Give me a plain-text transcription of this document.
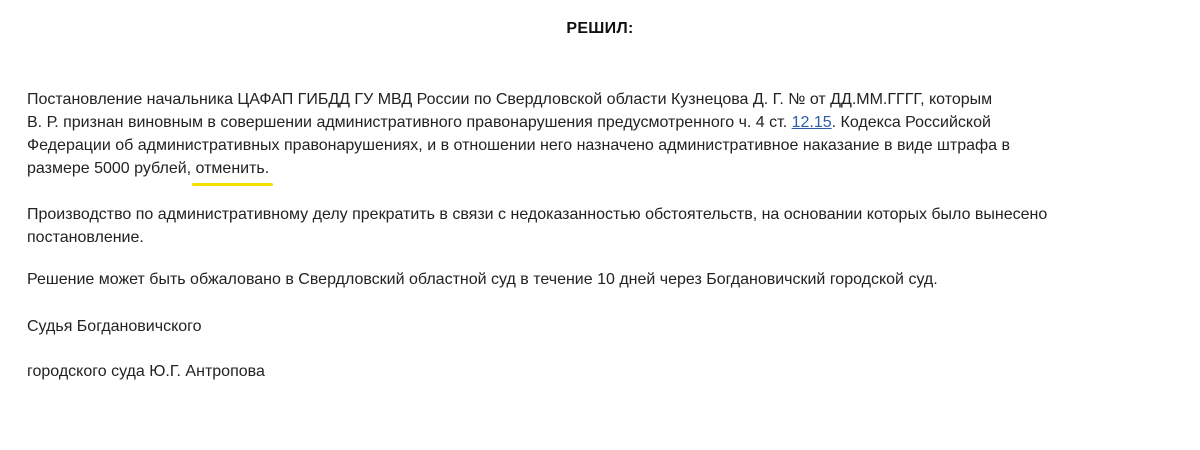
РЕШИЛ:
Постановление начальника ЦАФАП ГИБДД ГУ МВД России по Свердловской области Кузнецова Д. Г. № от ДД.ММ.ГГГГ, которым
В. Р. признан виновным в совершении административного правонарушения предусмотренного ч. 4 ст. 12.15. Кодекса Российской
Федерации об административных правонарушениях, и в отношении него назначено административное наказание в виде штрафа в
размере 5000 рублей, отменить.
Производство по административному делу прекратить в связи с недоказанностью обстоятельств, на основании которых было вынесено
постановление.
Решение может быть обжаловано в Свердловский областной суд в течение 10 дней через Богдановичский городской суд.
Судья Богдановичского
городского суда Ю.Г. Антропова
